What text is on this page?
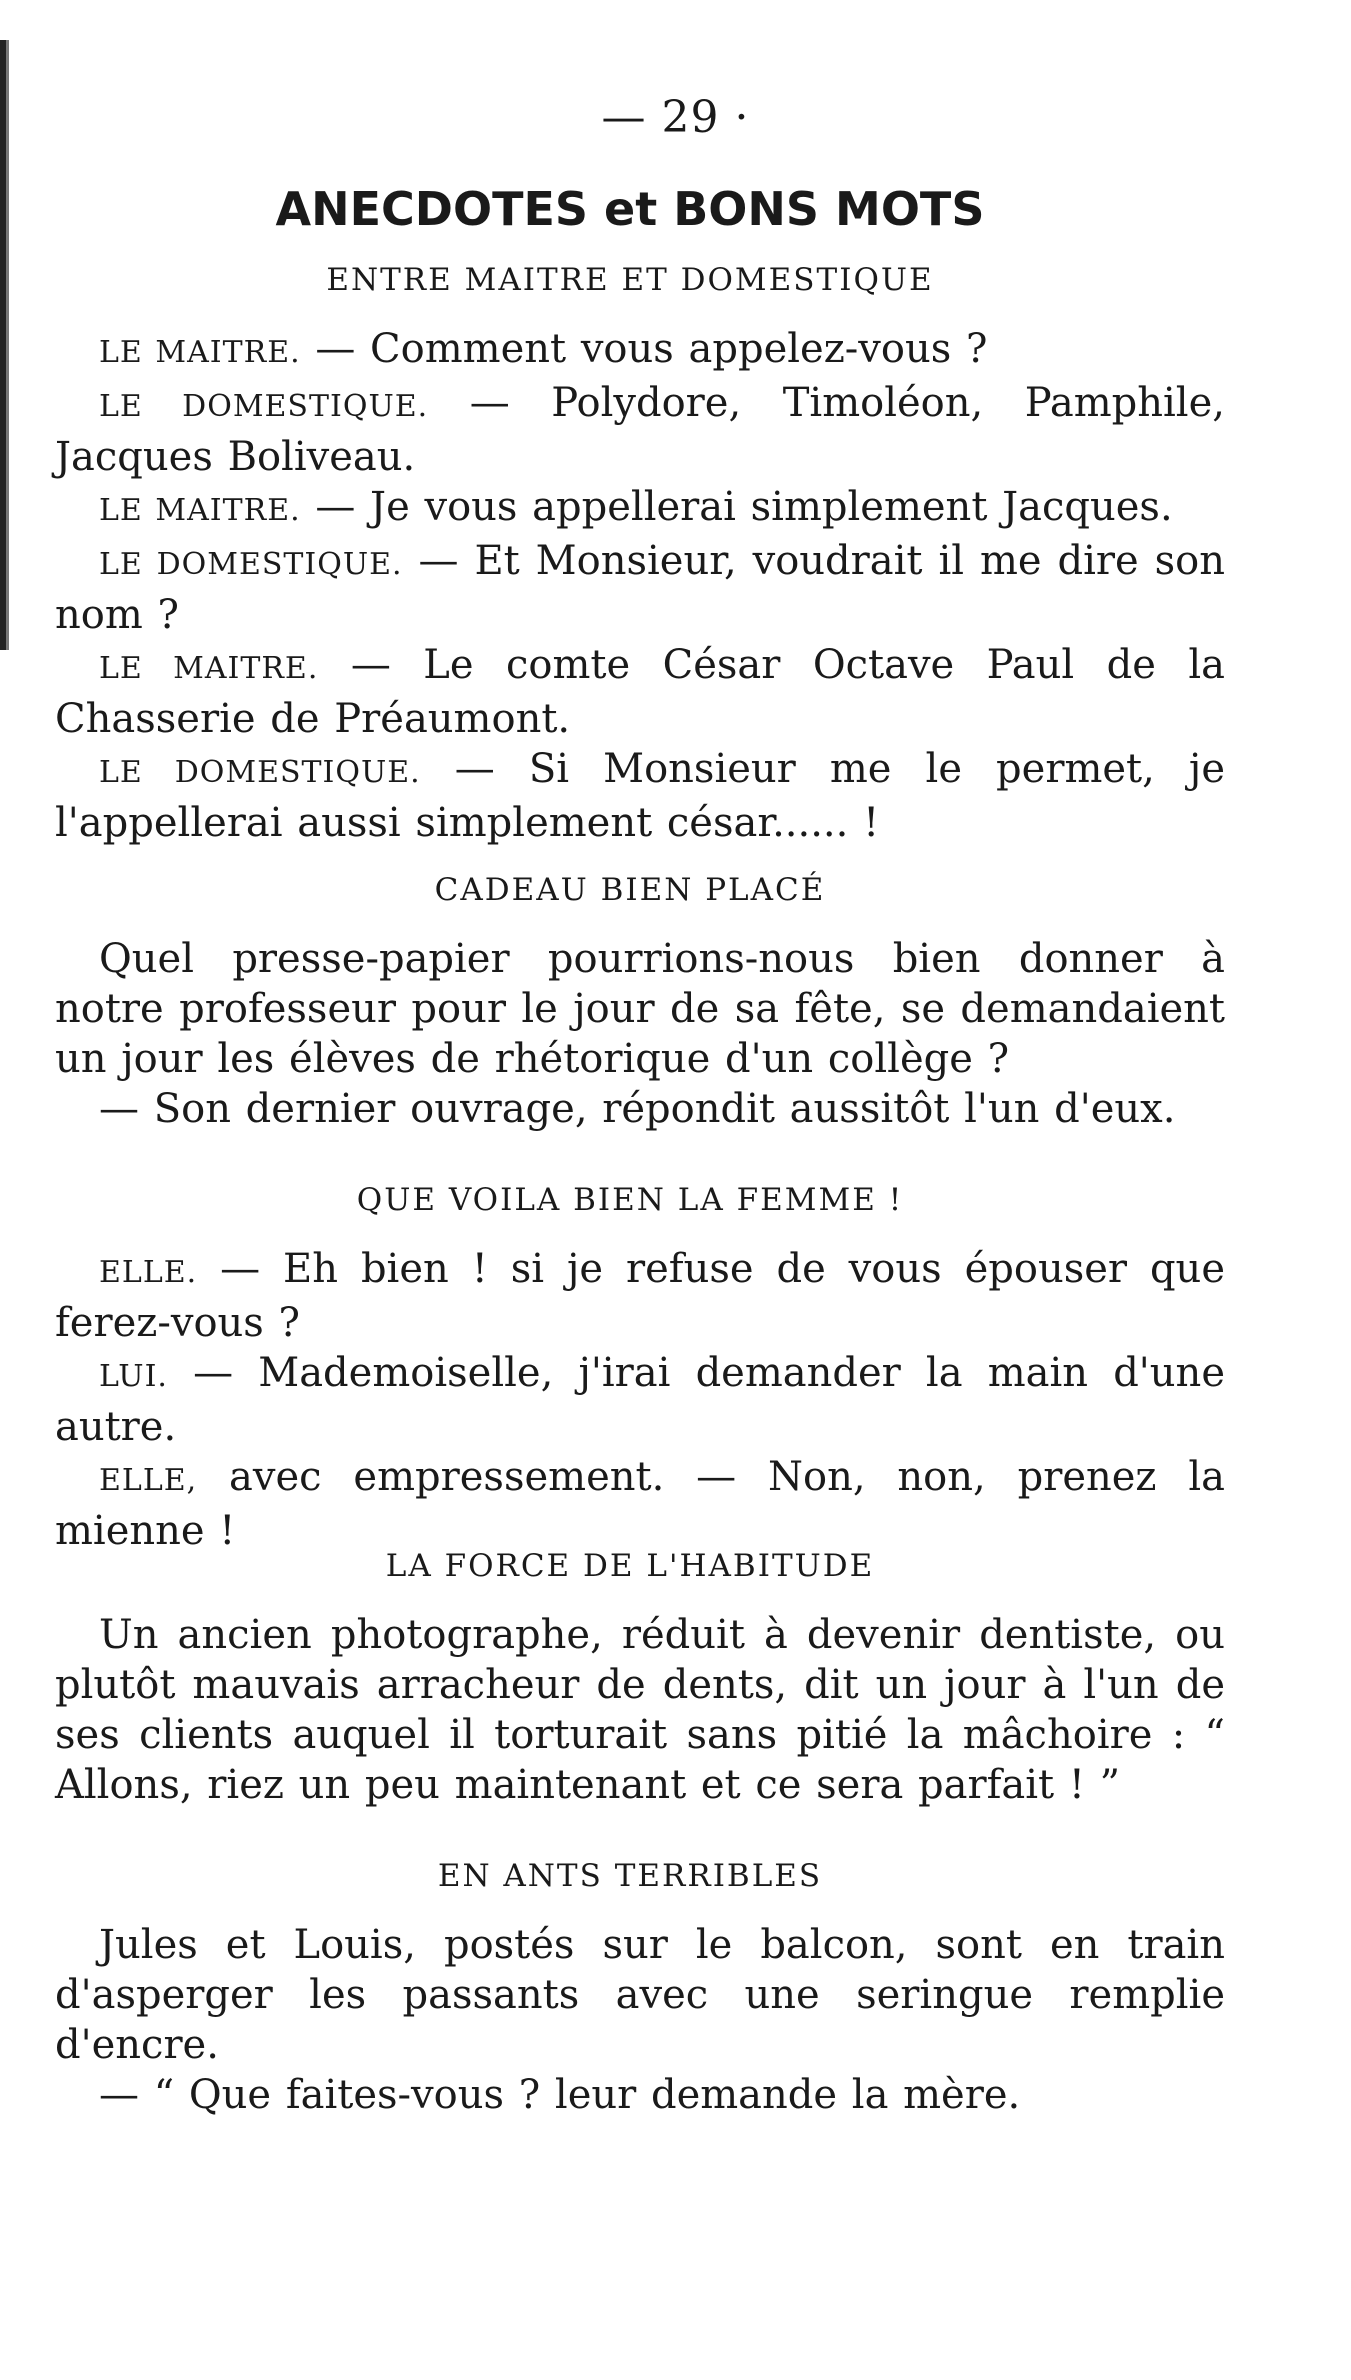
— 29 ·
ANECDOTES et BONS MOTS
ENTRE MAITRE ET DOMESTIQUE

LE MAITRE. — Comment vous appelez-vous ?

LE DOMESTIQUE. — Polydore, Timoléon, Pamphile, Jacques Boliveau.

LE MAITRE. — Je vous appellerai simplement Jacques.

LE DOMESTIQUE. — Et Monsieur, voudrait il me dire son nom ?

LE MAITRE. — Le comte César Octave Paul de la Chasserie de Préaumont.

LE DOMESTIQUE. — Si Monsieur me le permet, je l'appellerai aussi simplement césar...... !

CADEAU BIEN PLACÉ

Quel presse-papier pourrions-nous bien donner à notre professeur pour le jour de sa fête, se demandaient un jour les élèves de rhétorique d'un collège ?

— Son dernier ouvrage, répondit aussitôt l'un d'eux.

QUE VOILA BIEN LA FEMME !

ELLE. — Eh bien ! si je refuse de vous épouser que ferez-vous ?

LUI. — Mademoiselle, j'irai demander la main d'une autre.

ELLE, avec empressement. — Non, non, prenez la mienne !

LA FORCE DE L'HABITUDE

Un ancien photographe, réduit à devenir dentiste, ou plutôt mauvais arracheur de dents, dit un jour à l'un de ses clients auquel il torturait sans pitié la mâchoire : “ Allons, riez un peu maintenant et ce sera parfait ! ”

EN ANTS TERRIBLES

Jules et Louis, postés sur le balcon, sont en train d'asperger les passants avec une seringue remplie d'encre.

— “ Que faites-vous ? leur demande la mère.
